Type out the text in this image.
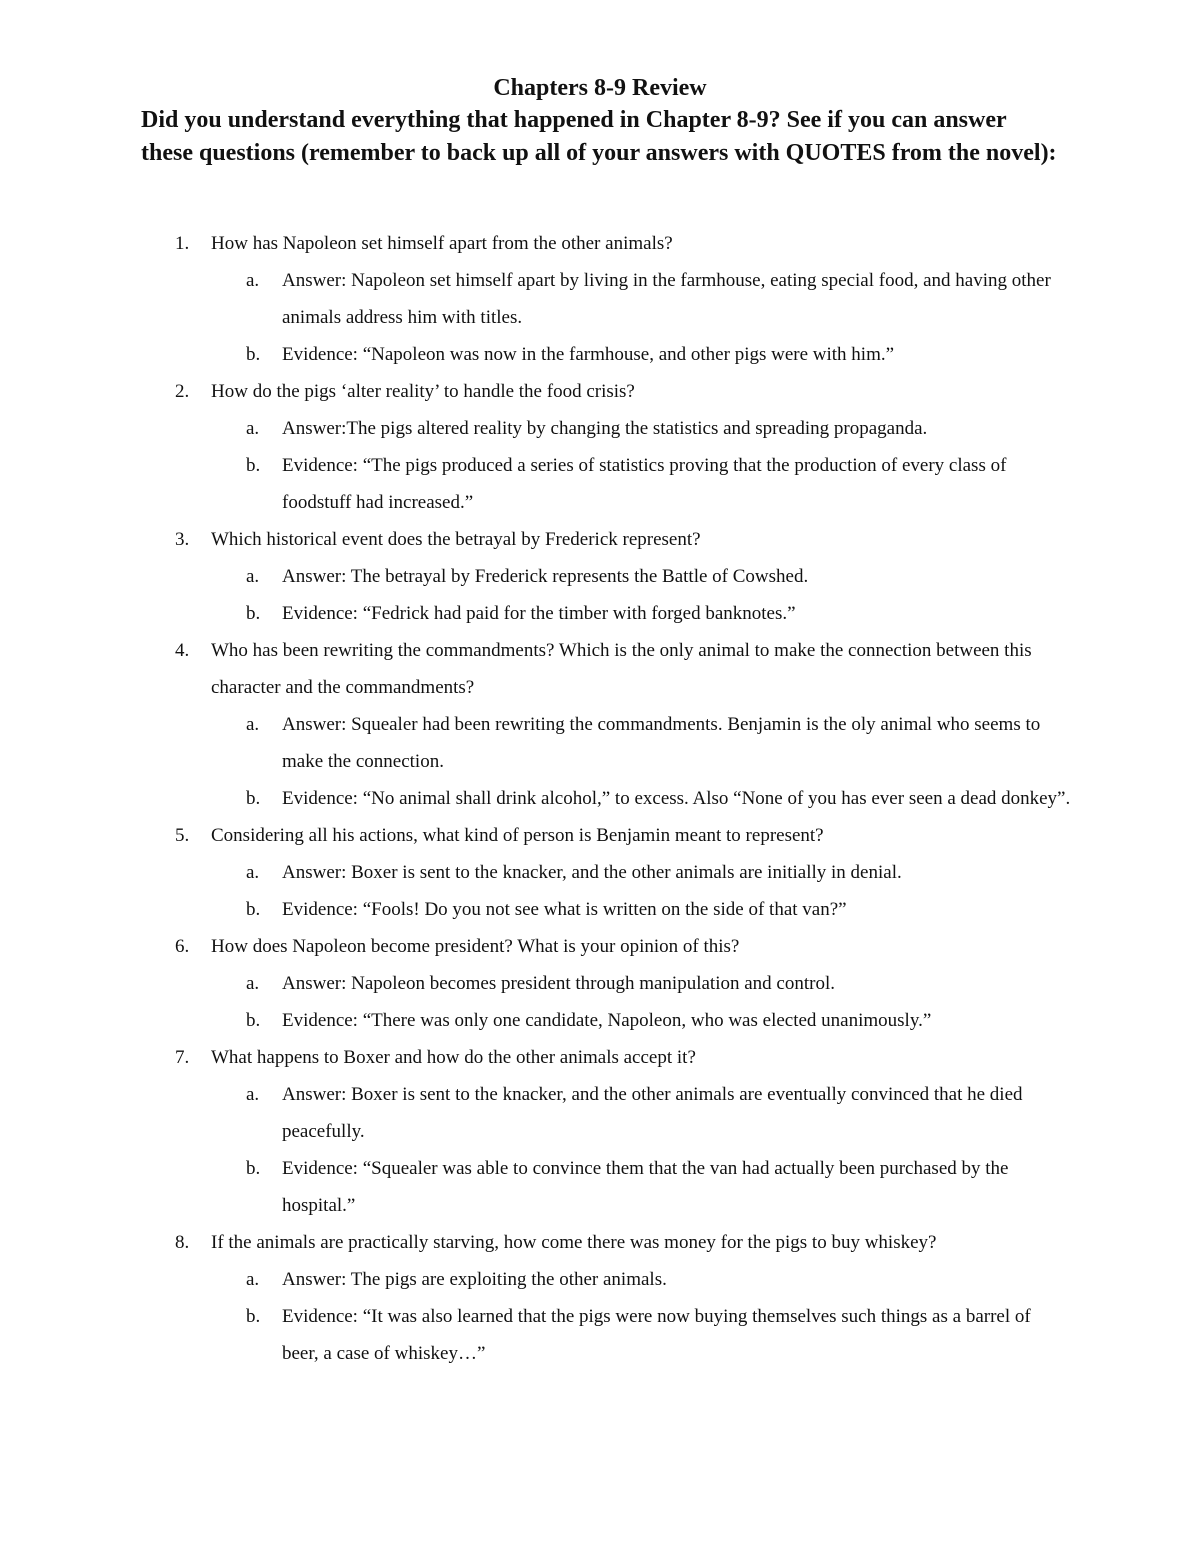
Chapters 8-9 Review

Did you understand everything that happened in Chapter 8-9? See if you can answer these questions (remember to back up all of your answers with QUOTES from the novel):

1. How has Napoleon set himself apart from the other animals?
a. Answer: Napoleon set himself apart by living in the farmhouse, eating special food, and having other animals address him with titles.
b. Evidence: “Napoleon was now in the farmhouse, and other pigs were with him.”
2. How do the pigs ‘alter reality’ to handle the food crisis?
a. Answer:The pigs altered reality by changing the statistics and spreading propaganda.
b. Evidence: “The pigs produced a series of statistics proving that the production of every class of foodstuff had increased.”
3. Which historical event does the betrayal by Frederick represent?
a. Answer: The betrayal by Frederick represents the Battle of Cowshed.
b. Evidence: “Fedrick had paid for the timber with forged banknotes.”
4. Who has been rewriting the commandments? Which is the only animal to make the connection between this character and the commandments?
a. Answer: Squealer had been rewriting the commandments. Benjamin is the oly animal who seems to make the connection.
b. Evidence: “No animal shall drink alcohol,” to excess. Also “None of you has ever seen a dead donkey”.
5. Considering all his actions, what kind of person is Benjamin meant to represent?
a. Answer: Boxer is sent to the knacker, and the other animals are initially in denial.
b. Evidence: “Fools! Do you not see what is written on the side of that van?”
6. How does Napoleon become president? What is your opinion of this?
a. Answer: Napoleon becomes president through manipulation and control.
b. Evidence: “There was only one candidate, Napoleon, who was elected unanimously.”
7. What happens to Boxer and how do the other animals accept it?
a. Answer: Boxer is sent to the knacker, and the other animals are eventually convinced that he died peacefully.
b. Evidence: “Squealer was able to convince them that the van had actually been purchased by the hospital.”
8. If the animals are practically starving, how come there was money for the pigs to buy whiskey?
a. Answer: The pigs are exploiting the other animals.
b. Evidence: “It was also learned that the pigs were now buying themselves such things as a barrel of beer, a case of whiskey…”
